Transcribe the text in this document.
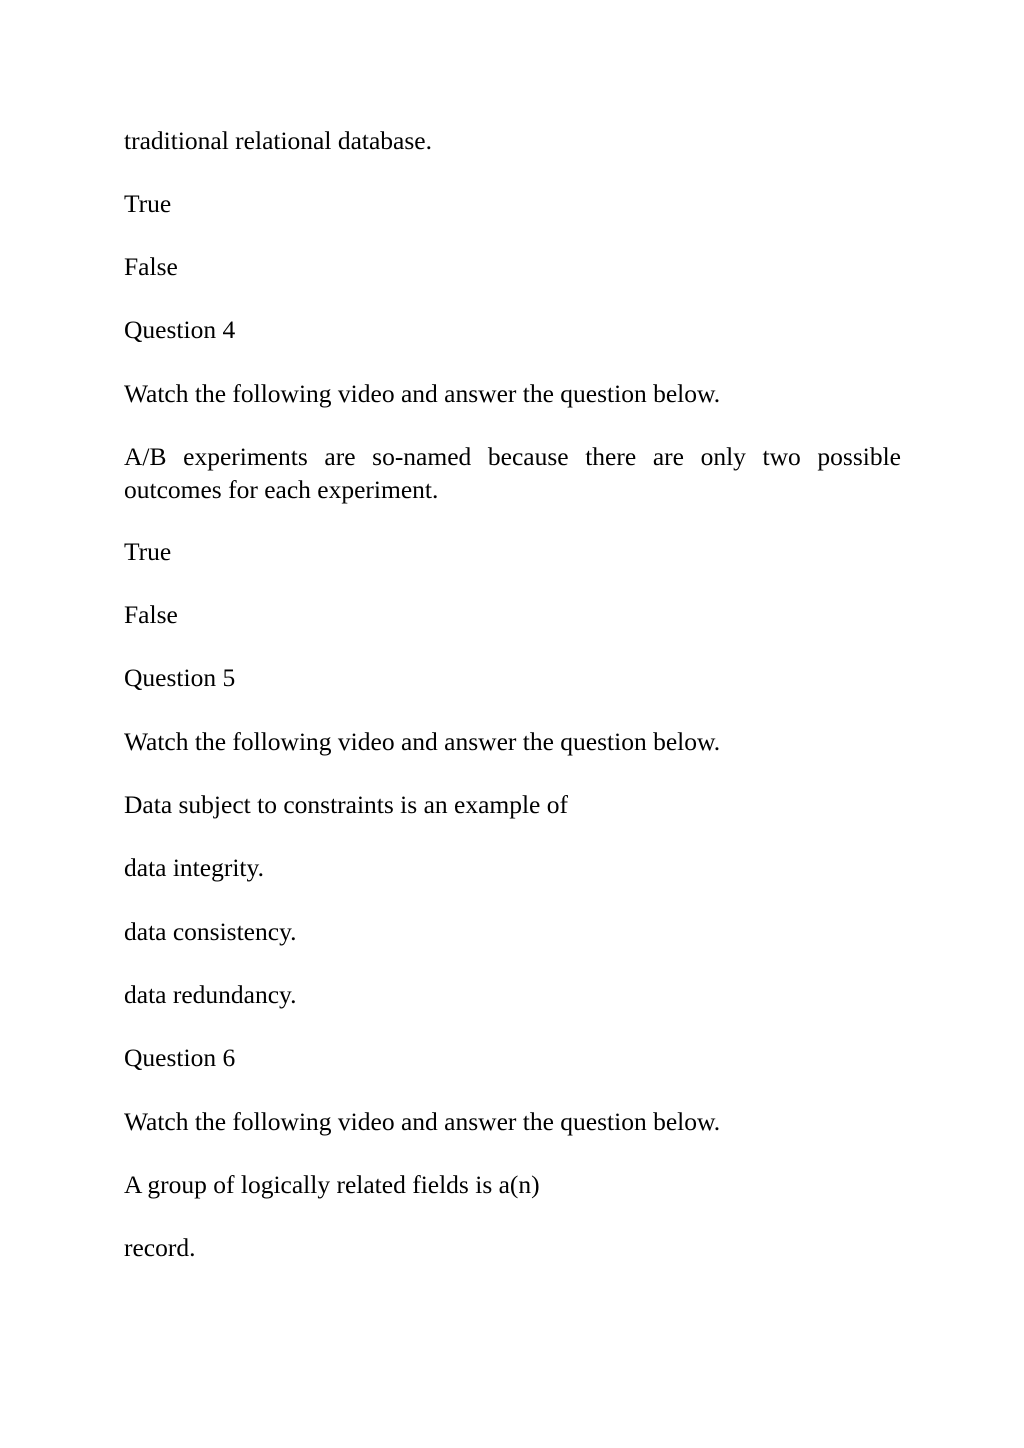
traditional relational database.

True

False

Question 4

Watch the following video and answer the question below.

A/B experiments are so-named because there are only two possible outcomes for each experiment.

True

False

Question 5

Watch the following video and answer the question below.

Data subject to constraints is an example of

data integrity.

data consistency.

data redundancy.

Question 6

Watch the following video and answer the question below.

A group of logically related fields is a(n)

record.
